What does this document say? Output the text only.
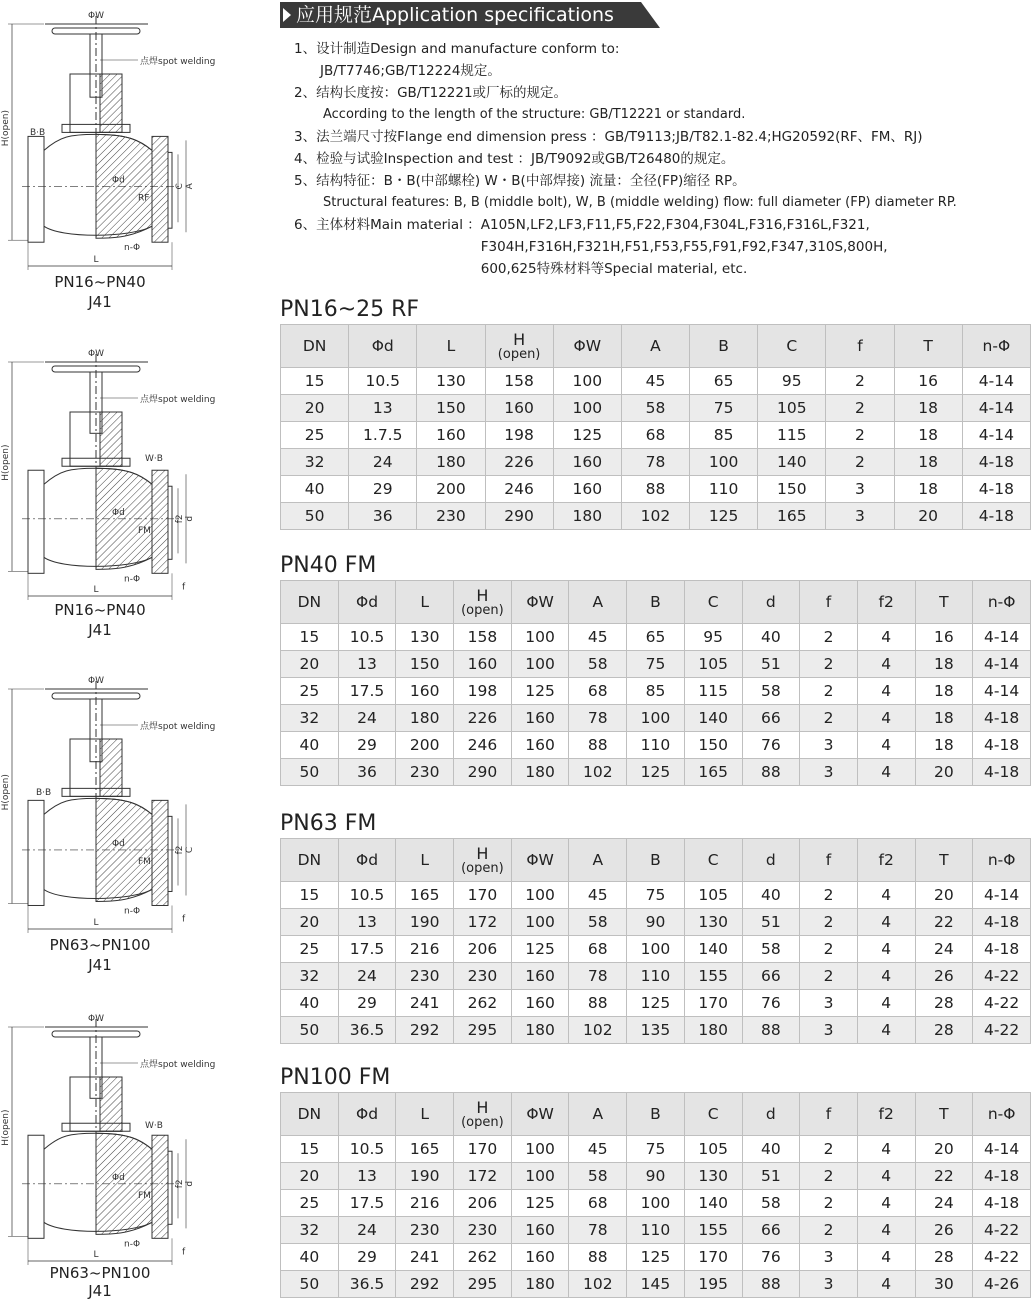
ΦW
点焊spot welding
H(open) B·B
Φd
RF
C A
n-Φ
L
PN16~PN40
J41
ΦW
点焊spot welding
H(open)	W·B
Φd
FM
f2 d
n-Φ
L	f
PN16~PN40
J41
ΦW
点焊spot welding
H(open)	B·B
Φd
FM
f2 C
n-Φ
L	f
PN63~PN100
J41
ΦW
点焊spot welding
H(open)	W·B
Φd
FM
f2 d
n-Φ
L	f
PN63~PN100
J41
应用规范Application specifications
1、设计制造Design and manufacture conform to:
JB/T7746;GB/T12224规定。
2、结构长度按：GB/T12221或厂标的规定。
According to the length of the structure: GB/T12221 or standard.
3、法兰端尺寸按Flange end dimension press ：GB/T9113;JB/T82.1-82.4;HG20592(RF、FM、RJ)
4、检验与试验Inspection and test ：JB/T9092或GB/T26480的规定。
5、结构特征：B・B(中部螺栓) W・B(中部焊接) 流量：全径(FP)缩径 RP。
Structural features: B, B (middle bolt), W, B (middle welding) flow: full diameter (FP) diameter RP.
6、主体材料Main material ： A105N,LF2,LF3,F11,F5,F22,F304,F304L,F316,F316L,F321,
F304H,F316H,F321H,F51,F53,F55,F91,F92,F347,310S,800H,
600,625特殊材料等Special material, etc.
PN16~25 RF
DN	Φd	L	H
(open)	ΦW	A	B	C	f	T	n-Φ
15	10.5	130	158	100	45	65	95	2	16	4-14
20	13	150	160	100	58	75	105	2	18	4-14
25	1.7.5	160	198	125	68	85	115	2	18	4-14
32	24	180	226	160	78	100	140	2	18	4-18
40	29	200	246	160	88	110	150	3	18	4-18
50	36	230	290	180	102	125	165	3	20	4-18
PN40 FM
DN	Φd	L	H
(open)	ΦW	A	B	C	d	f	f2	T	n-Φ
15	10.5	130	158	100	45	65	95	40	2	4	16	4-14
20	13	150	160	100	58	75	105	51	2	4	18	4-14
25	17.5	160	198	125	68	85	115	58	2	4	18	4-14
32	24	180	226	160	78	100	140	66	2	4	18	4-18
40	29	200	246	160	88	110	150	76	3	4	18	4-18
50	36	230	290	180	102	125	165	88	3	4	20	4-18
PN63 FM
DN	Φd	L	H
(open)	ΦW	A	B	C	d	f	f2	T	n-Φ
15	10.5	165	170	100	45	75	105	40	2	4	20	4-14
20	13	190	172	100	58	90	130	51	2	4	22	4-18
25	17.5	216	206	125	68	100	140	58	2	4	24	4-18
32	24	230	230	160	78	110	155	66	2	4	26	4-22
40	29	241	262	160	88	125	170	76	3	4	28	4-22
50	36.5	292	295	180	102	135	180	88	3	4	28	4-22
PN100 FM
DN	Φd	L	H
(open)	ΦW	A	B	C	d	f	f2	T	n-Φ
15	10.5	165	170	100	45	75	105	40	2	4	20	4-14
20	13	190	172	100	58	90	130	51	2	4	22	4-18
25	17.5	216	206	125	68	100	140	58	2	4	24	4-18
32	24	230	230	160	78	110	155	66	2	4	26	4-22
40	29	241	262	160	88	125	170	76	3	4	28	4-22
50	36.5	292	295	180	102	145	195	88	3	4	30	4-26
